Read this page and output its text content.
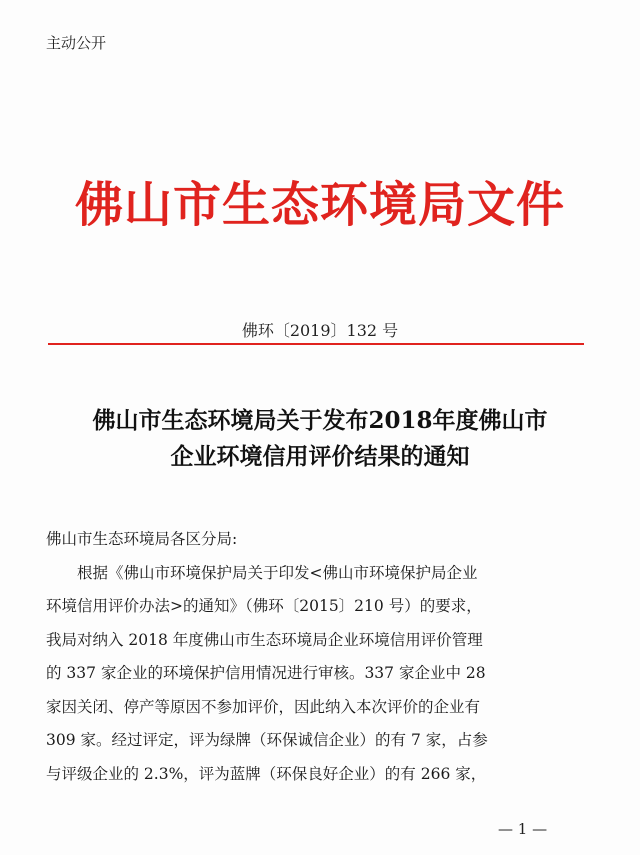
主动公开
佛山市生态环境局文件
佛环〔2019〕132 号
佛山市生态环境局关于发布2018年度佛山市
企业环境信用评价结果的通知
佛山市生态环境局各区分局:
根据《佛山市环境保护局关于印发<佛山市环境保护局企业
环境信用评价办法>的通知》（佛环〔2015〕210 号）的要求，
我局对纳入 2018 年度佛山市生态环境局企业环境信用评价管理
的 337 家企业的环境保护信用情况进行审核。337 家企业中 28
家因关闭、停产等原因不参加评价，因此纳入本次评价的企业有
309 家。经过评定，评为绿牌（环保诚信企业）的有 7 家，占参
与评级企业的 2.3%，评为蓝牌（环保良好企业）的有 266 家，
— 1 —
